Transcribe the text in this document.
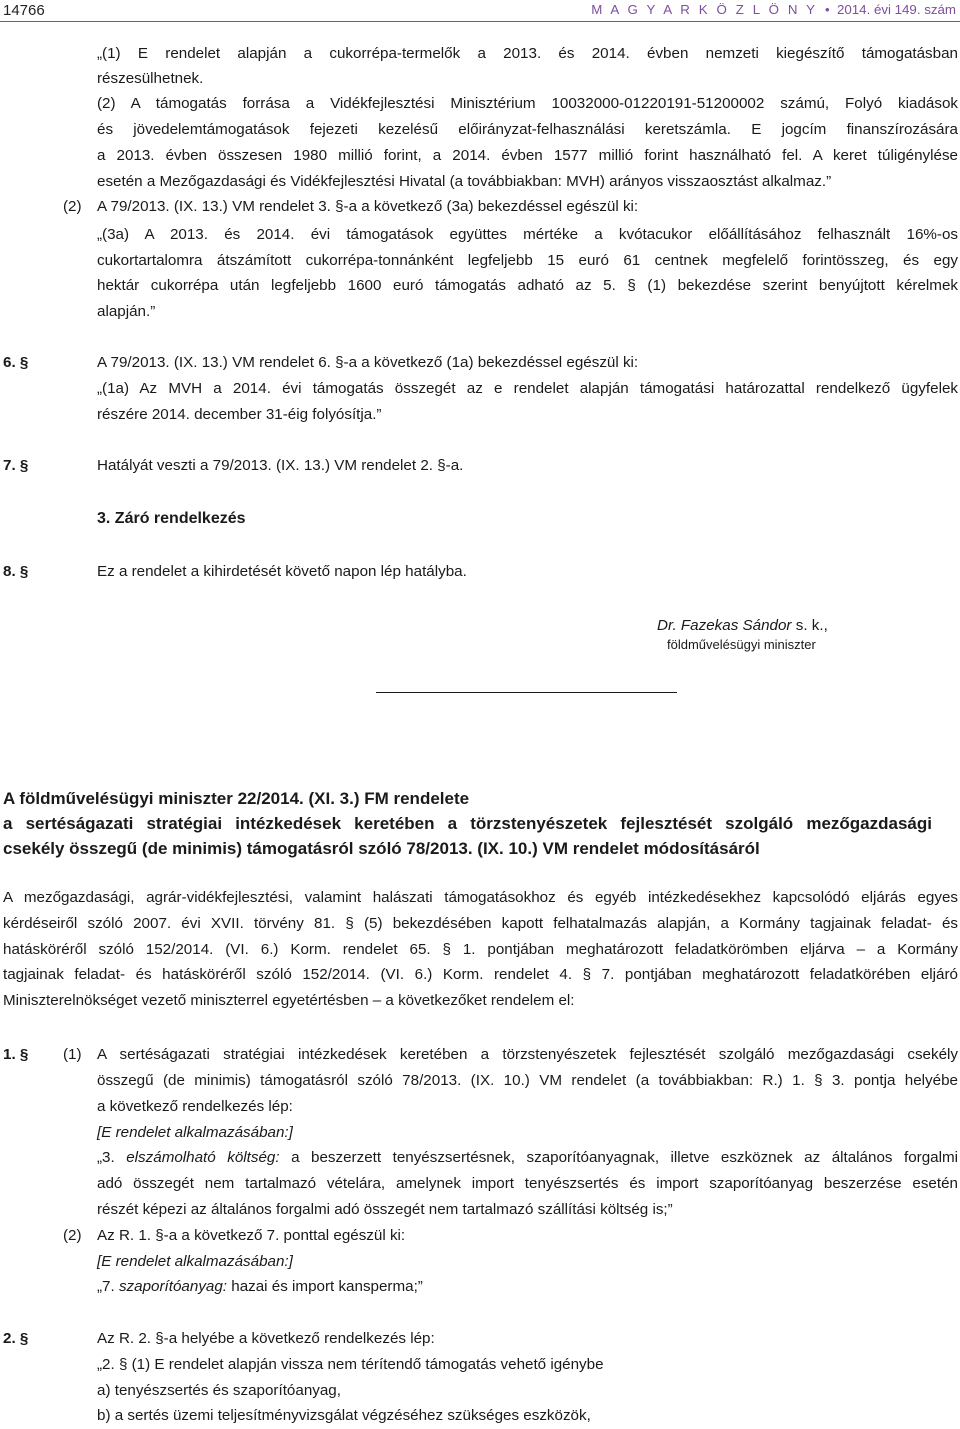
14766	M A G Y A R K Ö Z L Ö N Y • 2014. évi 149. szám
„(1) E rendelet alapján a cukorrépa-termelők a 2013. és 2014. évben nemzeti kiegészítő támogatásban
részesülhetnek.
(2) A támogatás forrása a Vidékfejlesztési Minisztérium 10032000-01220191-51200002 számú, Folyó kiadások
és jövedelemtámogatások fejezeti kezelésű előirányzat-felhasználási keretszámla. E jogcím finanszírozására
a 2013. évben összesen 1980 millió forint, a 2014. évben 1577 millió forint használható fel. A keret túligénylése
esetén a Mezőgazdasági és Vidékfejlesztési Hivatal (a továbbiakban: MVH) arányos visszaosztást alkalmaz.”
(2) A 79/2013. (IX. 13.) VM rendelet 3. §-a a következő (3a) bekezdéssel egészül ki:
„(3a) A 2013. és 2014. évi támogatások együttes mértéke a kvótacukor előállításához felhasznált 16%-os
cukortartalomra átszámított cukorrépa-tonnánként legfeljebb 15 euró 61 centnek megfelelő forintösszeg, és egy
hektár cukorrépa után legfeljebb 1600 euró támogatás adható az 5. § (1) bekezdése szerint benyújtott kérelmek
alapján.”
6. §	A 79/2013. (IX. 13.) VM rendelet 6. §-a a következő (1a) bekezdéssel egészül ki:
„(1a) Az MVH a 2014. évi támogatás összegét az e rendelet alapján támogatási határozattal rendelkező ügyfelek
részére 2014. december 31-éig folyósítja.”
7. §	Hatályát veszti a 79/2013. (IX. 13.) VM rendelet 2. §-a.
3. Záró rendelkezés
8. §	Ez a rendelet a kihirdetését követő napon lép hatályba.
Dr. Fazekas Sándor s. k.,
földművelésügyi miniszter
A földművelésügyi miniszter 22/2014. (XI. 3.) FM rendelete
a sertéságazati stratégiai intézkedések keretében a törzstenyészetek fejlesztését szolgáló mezőgazdasági
csekély összegű (de minimis) támogatásról szóló 78/2013. (IX. 10.) VM rendelet módosításáról
A mezőgazdasági, agrár-vidékfejlesztési, valamint halászati támogatásokhoz és egyéb intézkedésekhez kapcsolódó eljárás egyes
kérdéseiről szóló 2007. évi XVII. törvény 81. § (5) bekezdésében kapott felhatalmazás alapján, a Kormány tagjainak feladat- és
hatásköréről szóló 152/2014. (VI. 6.) Korm. rendelet 65. § 1. pontjában meghatározott feladatkörömben eljárva – a Kormány
tagjainak feladat- és hatásköréről szóló 152/2014. (VI. 6.) Korm. rendelet 4. § 7. pontjában meghatározott feladatkörében eljáró
Miniszterelnökséget vezető miniszterrel egyetértésben – a következőket rendelem el:
1. § (1) A sertéságazati stratégiai intézkedések keretében a törzstenyészetek fejlesztését szolgáló mezőgazdasági csekély
összegű (de minimis) támogatásról szóló 78/2013. (IX. 10.) VM rendelet (a továbbiakban: R.) 1. § 3. pontja helyébe
a következő rendelkezés lép:
[E rendelet alkalmazásában:]
„3. elszámolható költség: a beszerzett tenyészsertésnek, szaporítóanyagnak, illetve eszköznek az általános forgalmi
adó összegét nem tartalmazó vételára, amelynek import tenyészsertés és import szaporítóanyag beszerzése esetén
részét képezi az általános forgalmi adó összegét nem tartalmazó szállítási költség is;”
(2) Az R. 1. §-a a következő 7. ponttal egészül ki:
[E rendelet alkalmazásában:]
„7. szaporítóanyag: hazai és import kansperma;”
2. §	Az R. 2. §-a helyébe a következő rendelkezés lép:
„2. § (1) E rendelet alapján vissza nem térítendő támogatás vehető igénybe
a) tenyészsertés és szaporítóanyag,
b) a sertés üzemi teljesítményvizsgálat végzéséhez szükséges eszközök,
